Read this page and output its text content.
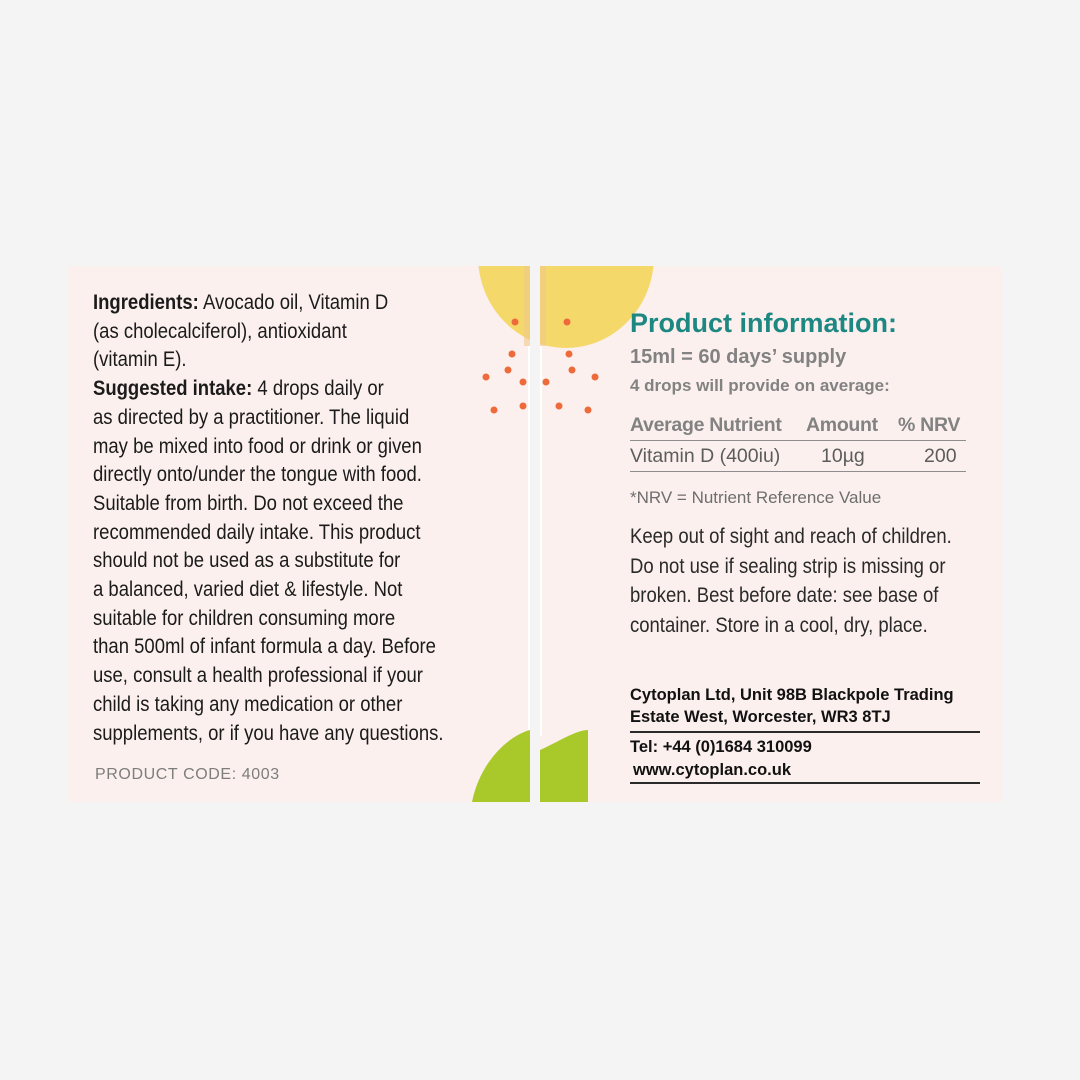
Ingredients: Avocado oil, Vitamin D

(as cholecalciferol), antioxidant

(vitamin E).

Suggested intake: 4 drops daily or

as directed by a practitioner. The liquid

may be mixed into food or drink or given

directly onto/under the tongue with food.

Suitable from birth. Do not exceed the

recommended daily intake. This product

should not be used as a substitute for

a balanced, varied diet & lifestyle. Not

suitable for children consuming more

than 500ml of infant formula a day. Before

use, consult a health professional if your

child is taking any medication or other

supplements, or if you have any questions.

PRODUCT CODE: 4003
Product information:
15ml = 60 days’ supply
4 drops will provide on average:
Average Nutrient Amount % NRV
Vitamin D (400iu) 10µg	200
*NRV = Nutrient Reference Value
Keep out of sight and reach of children.
Do not use if sealing strip is missing or
broken. Best before date: see base of
container. Store in a cool, dry, place.
Cytoplan Ltd, Unit 98B Blackpole Trading
Estate West, Worcester, WR3 8TJ
Tel: +44 (0)1684 310099
www.cytoplan.co.uk
